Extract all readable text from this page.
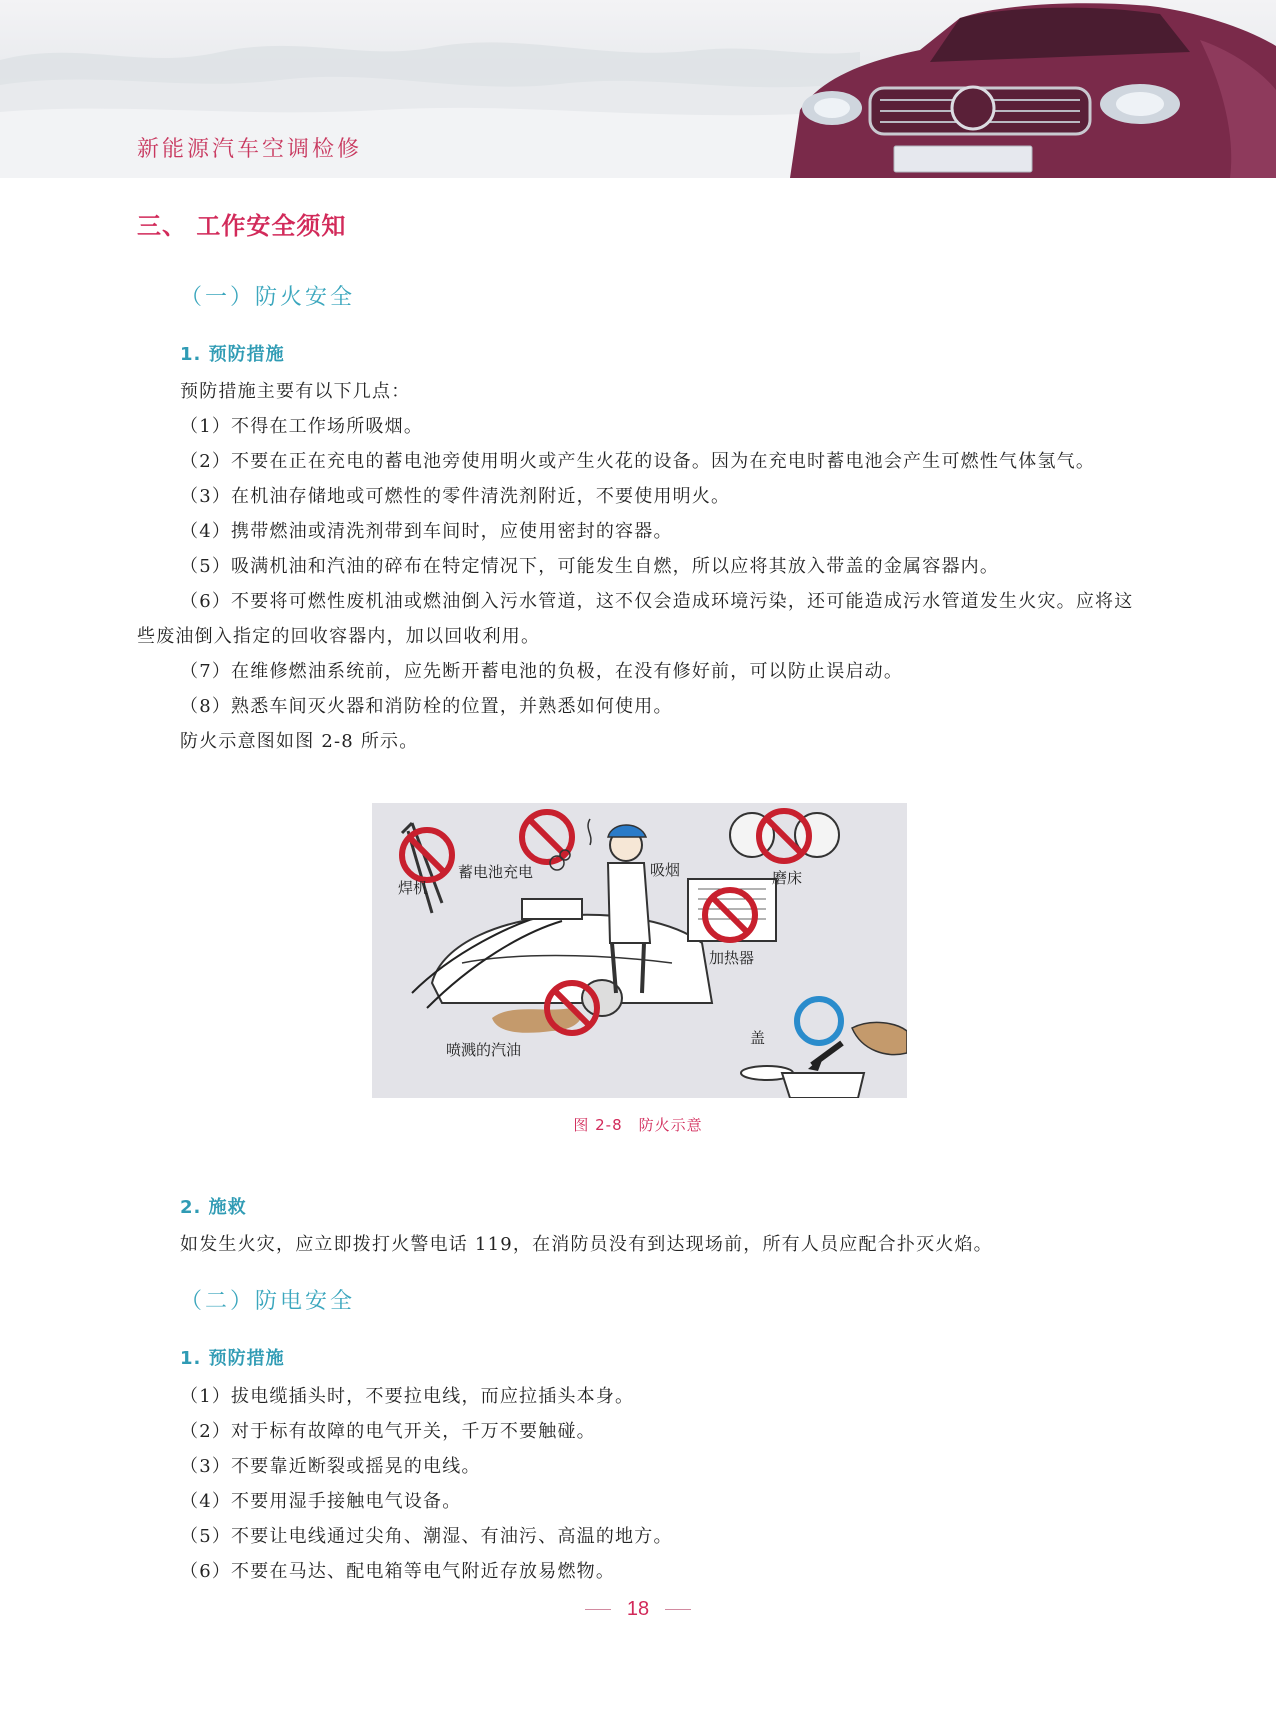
新能源汽车空调检修
三、 工作安全须知
（一）防火安全
1. 预防措施

预防措施主要有以下几点：

（1）不得在工作场所吸烟。

（2）不要在正在充电的蓄电池旁使用明火或产生火花的设备。因为在充电时蓄电池会产生可燃性气体氢气。

（3）在机油存储地或可燃性的零件清洗剂附近，不要使用明火。

（4）携带燃油或清洗剂带到车间时，应使用密封的容器。

（5）吸满机油和汽油的碎布在特定情况下，可能发生自燃，所以应将其放入带盖的金属容器内。

（6）不要将可燃性废机油或燃油倒入污水管道，这不仅会造成环境污染，还可能造成污水管道发生火灾。应将这些废油倒入指定的回收容器内，加以回收利用。

（7）在维修燃油系统前，应先断开蓄电池的负极，在没有修好前，可以防止误启动。

（8）熟悉车间灭火器和消防栓的位置，并熟悉如何使用。

防火示意图如图 2-8 所示。

焊机
蓄电池充电	吸烟	磨床
加热器
喷溅的汽油
盖
图 2-8　防火示意
2. 施救

如发生火灾，应立即拨打火警电话 119，在消防员没有到达现场前，所有人员应配合扑灭火焰。

（二）防电安全
1. 预防措施

（1）拔电缆插头时，不要拉电线，而应拉插头本身。

（2）对于标有故障的电气开关，千万不要触碰。

（3）不要靠近断裂或摇晃的电线。

（4）不要用湿手接触电气设备。

（5）不要让电线通过尖角、潮湿、有油污、高温的地方。

（6）不要在马达、配电箱等电气附近存放易燃物。

18
